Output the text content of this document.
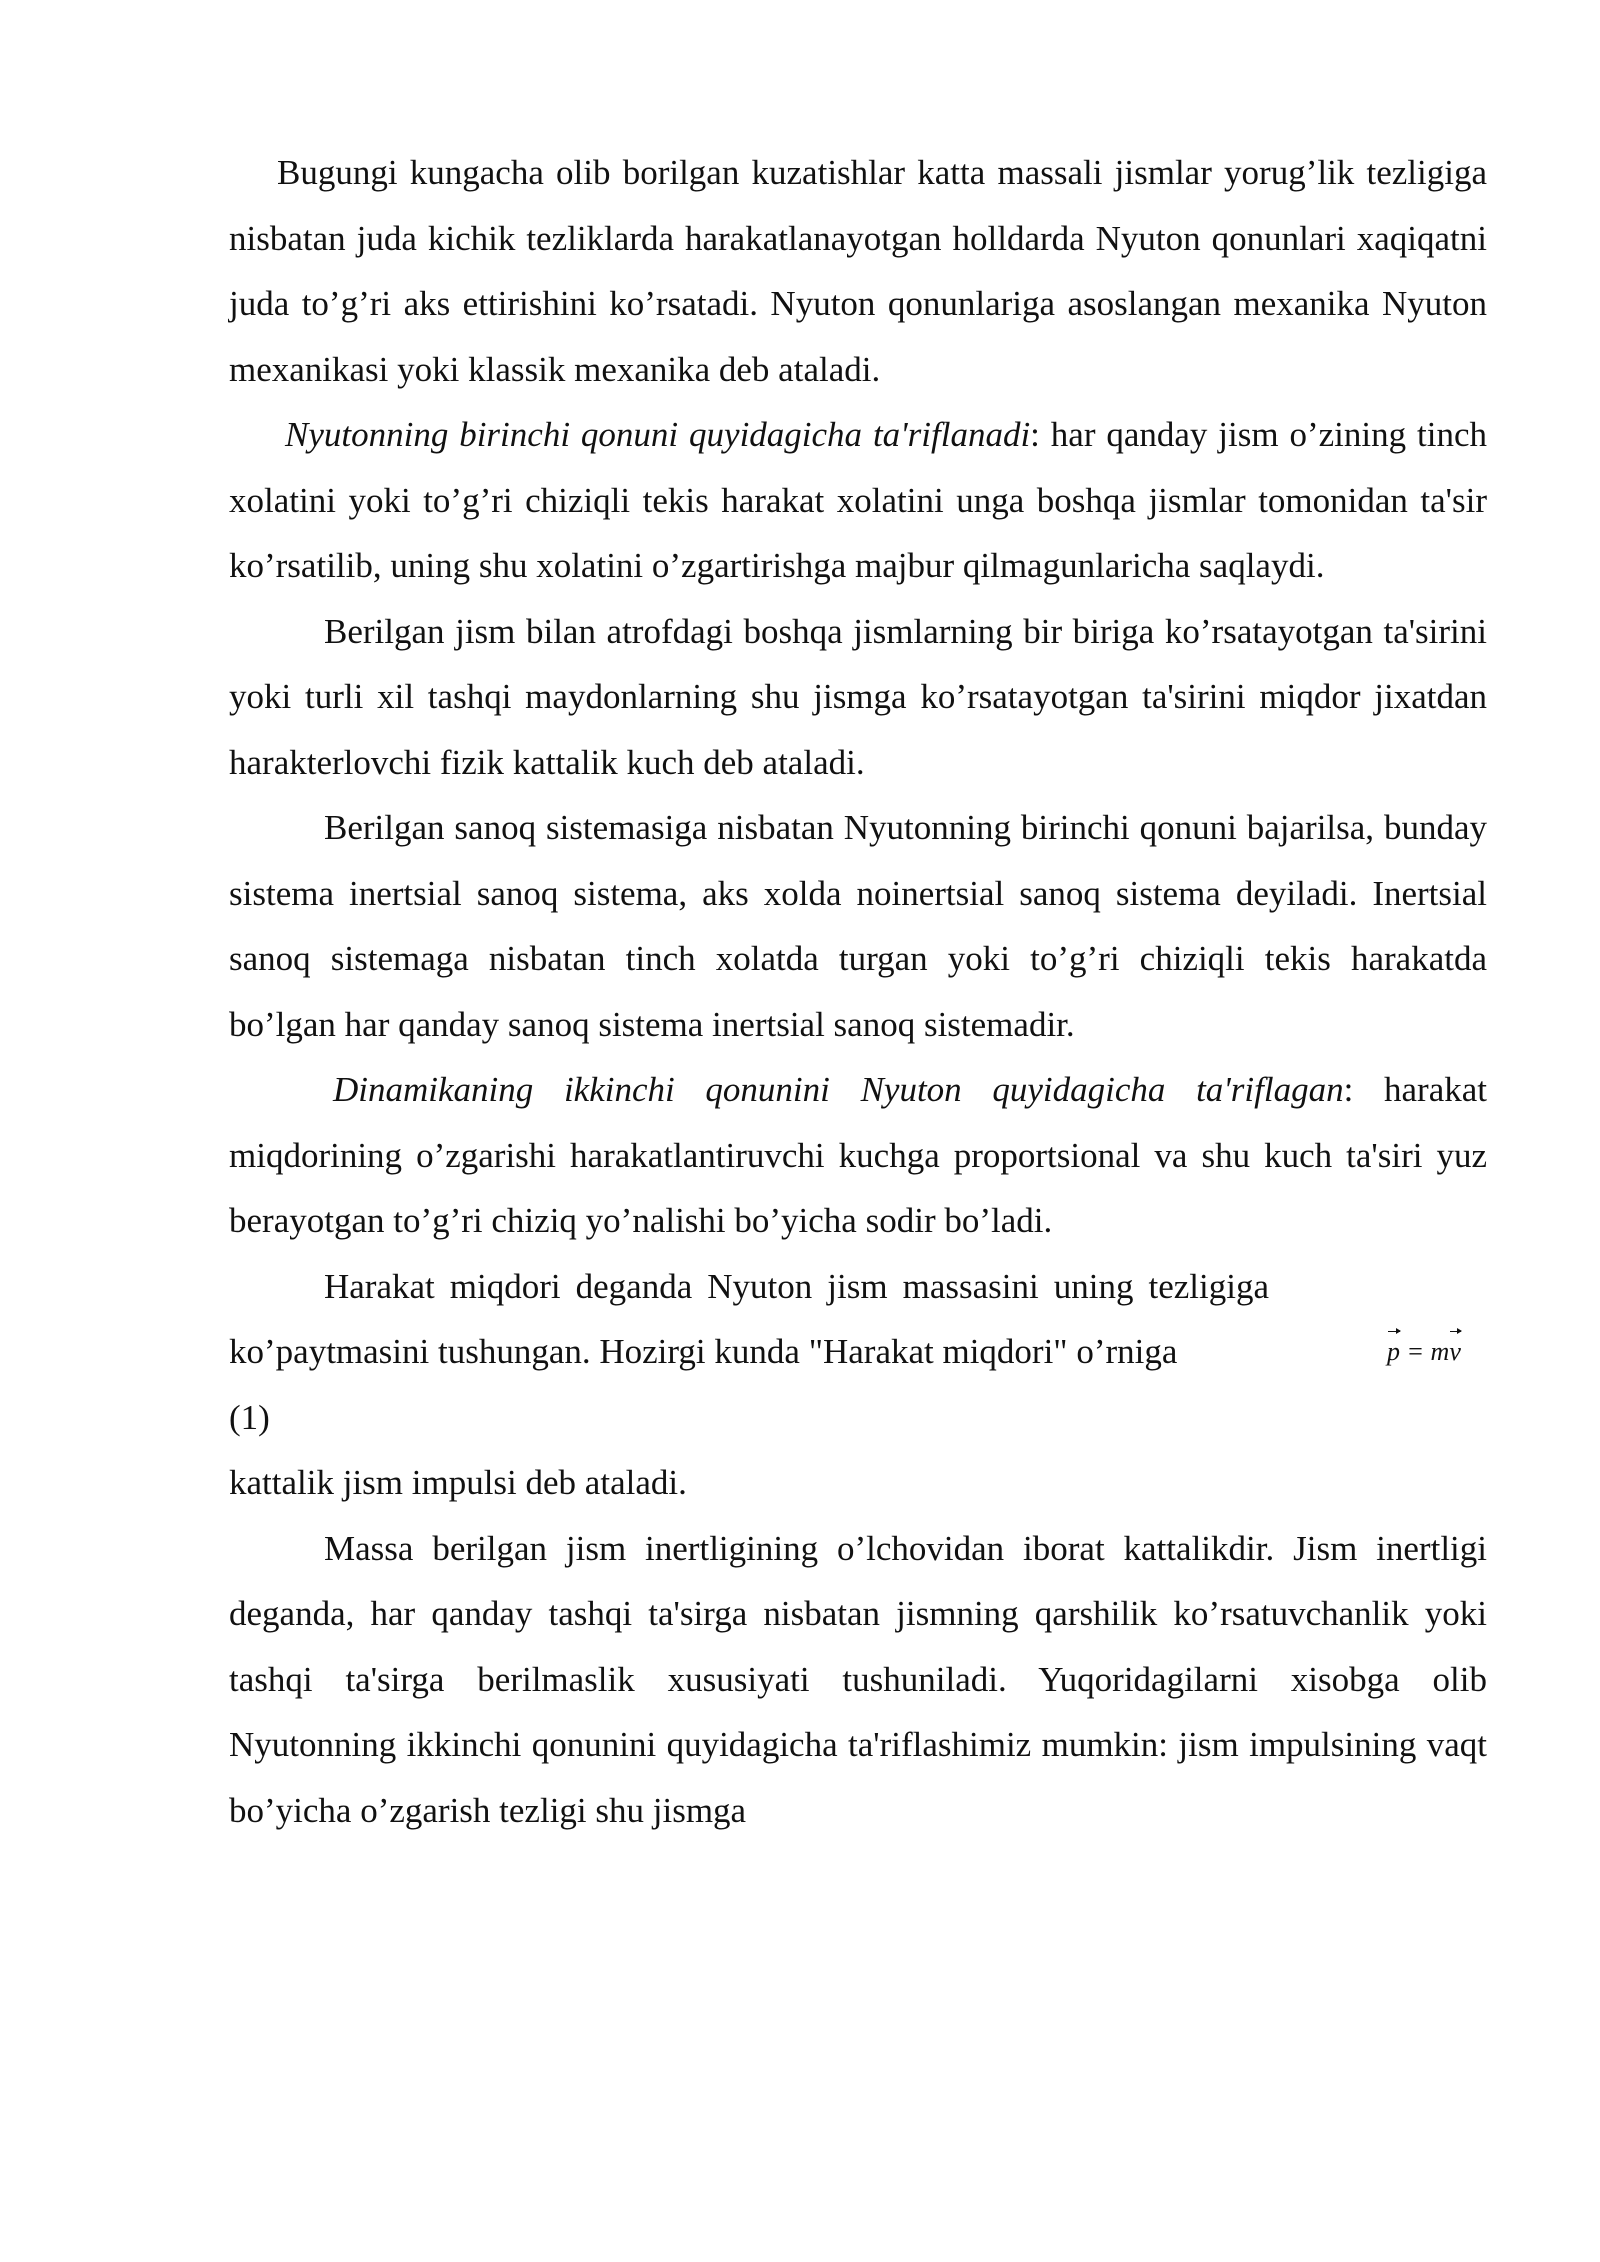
Bugungi kungacha olib borilgan kuzatishlar katta massali jismlar yorug’lik tezligiga nisbatan juda kichik tezliklarda harakatlanayotgan holldarda Nyuton qonunlari xaqiqatni juda to’g’ri aks ettirishini ko’rsatadi. Nyuton qonunlariga asoslangan mexanika Nyuton mexanikasi yoki klassik mexanika deb ataladi.

Nyutonning birinchi qonuni quyidagicha ta'riflanadi: har qanday jism o’zining tinch xolatini yoki to’g’ri chiziqli tekis harakat xolatini unga boshqa jismlar tomonidan ta'sir ko’rsatilib, uning shu xolatini o’zgartirishga majbur qilmagunlaricha saqlaydi.

Berilgan jism bilan atrofdagi boshqa jismlarning bir biriga ko’rsatayotgan ta'sirini yoki turli xil tashqi maydonlarning shu jismga ko’rsatayotgan ta'sirini miqdor jixatdan harakterlovchi fizik kattalik kuch deb ataladi.

Berilgan sanoq sistemasiga nisbatan Nyutonning birinchi qonuni bajarilsa, bunday sistema inertsial sanoq sistema, aks xolda noinertsial sanoq sistema deyiladi. Inertsial sanoq sistemaga nisbatan tinch xolatda turgan yoki to’g’ri chiziqli tekis harakatda bo’lgan har qanday sanoq sistema inertsial sanoq sistemadir.

Dinamikaning ikkinchi qonunini Nyuton quyidagicha ta'riflagan: harakat miqdorining o’zgarishi harakatlantiruvchi kuchga proportsional va shu kuch ta'siri yuz berayotgan to’g’ri chiziq yo’nalishi bo’yicha sodir bo’ladi.

Harakat miqdori deganda Nyuton jism massasini uning tezligiga ko’paytmasini tushungan. Hozirgi kunda "Harakat miqdori" o’rniga	p = mv

(1)

kattalik jism impulsi deb ataladi.

Massa berilgan jism inertligining o’lchovidan iborat kattalikdir. Jism inertligi deganda, har qanday tashqi ta'sirga nisbatan jismning qarshilik ko’rsatuvchanlik yoki tashqi ta'sirga berilmaslik xususiyati tushuniladi. Yuqoridagilarni xisobga olib Nyutonning ikkinchi qonunini quyidagicha ta'riflashimiz mumkin: jism impulsining vaqt bo’yicha o’zgarish tezligi shu jismga
